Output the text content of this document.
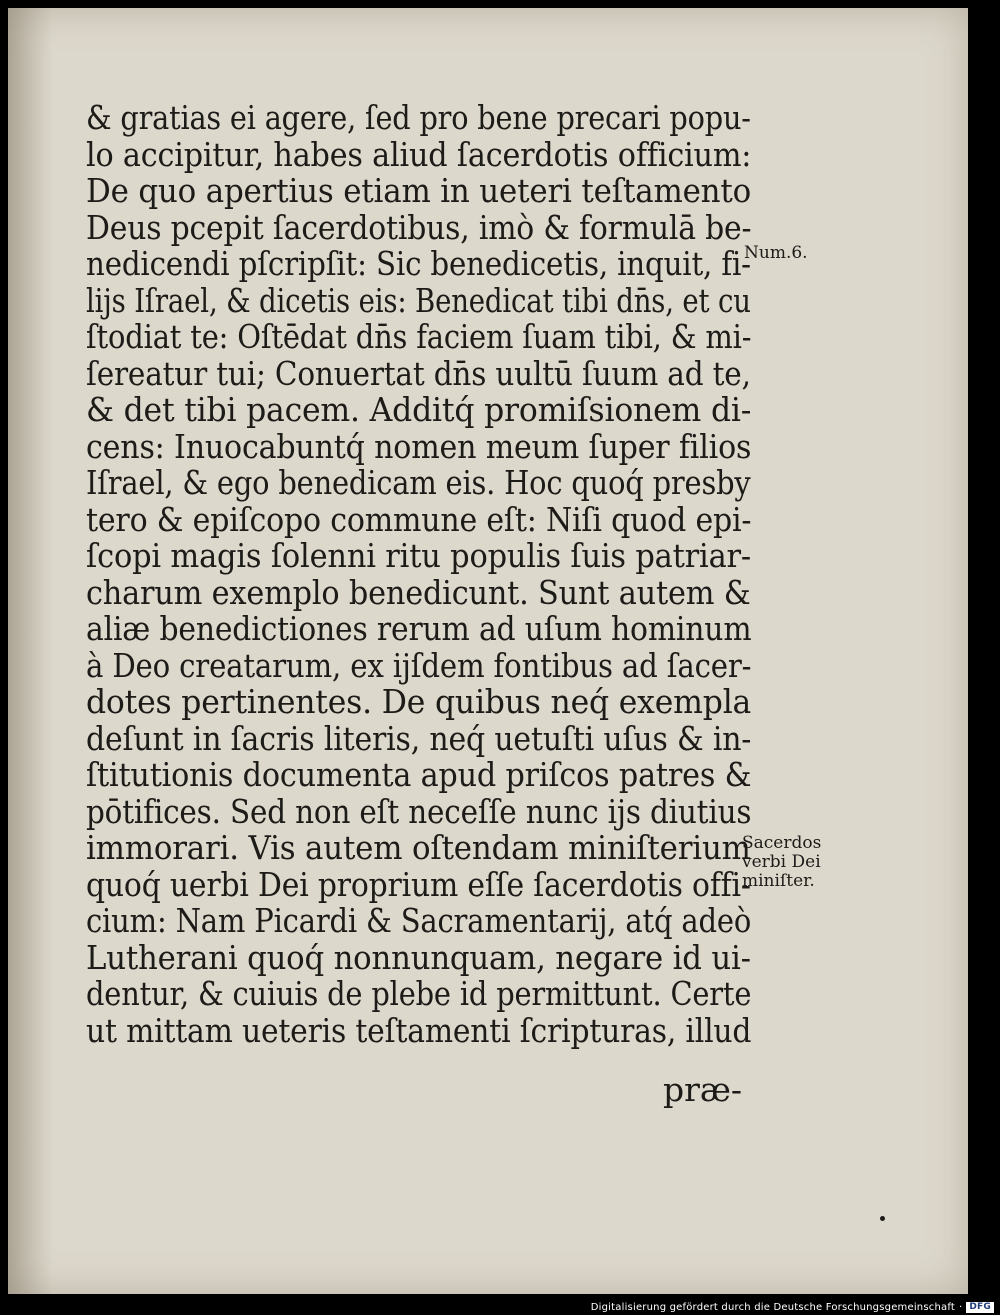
& gratias ei agere, ſed pro bene precari popu-
lo accipitur, habes aliud ſacerdotis officium:
De quo apertius etiam in ueteri teſtamento
Deus pcepit ſacerdotibus, imò & formulā be-
nedicendi pſcripſit: Sic benedicetis, inquit, fi-
lijs Iſrael, & dicetis eis: Benedicat tibi dn̄s, et cu
ſtodiat te: Oſtēdat dn̄s faciem ſuam tibi, & mi-
ſereatur tui; Conuertat dn̄s uultū ſuum ad te,
& det tibi pacem. Additq́ promiſsionem di-
cens: Inuocabuntq́ nomen meum ſuper filios
Iſrael, & ego benedicam eis. Hoc quoq́ presby
tero & epiſcopo commune eſt: Niſi quod epi-
ſcopi magis ſolenni ritu populis ſuis patriar-
charum exemplo benedicunt. Sunt autem &
aliæ benedictiones rerum ad uſum hominum
à Deo creatarum, ex ijſdem fontibus ad ſacer-
dotes pertinentes. De quibus neq́ exempla
deſunt in ſacris literis, neq́ uetuſti uſus & in-
ſtitutionis documenta apud priſcos patres &
pōtifices. Sed non eſt neceſſe nunc ijs diutius
immorari. Vis autem oſtendam miniſterium
quoq́ uerbi Dei proprium eſſe ſacerdotis offi-
cium: Nam Picardi & Sacramentarij, atq́ adeò
Lutherani quoq́ nonnunquam, negare id ui-
dentur, & cuiuis de plebe id permittunt. Certe
ut mittam ueteris teſtamenti ſcripturas, illud
præ-
Num.6.
Sacerdos
verbi Dei
miniſter.
Digitalisierung gefördert durch die Deutsche Forschungsgemeinschaft · DFG
